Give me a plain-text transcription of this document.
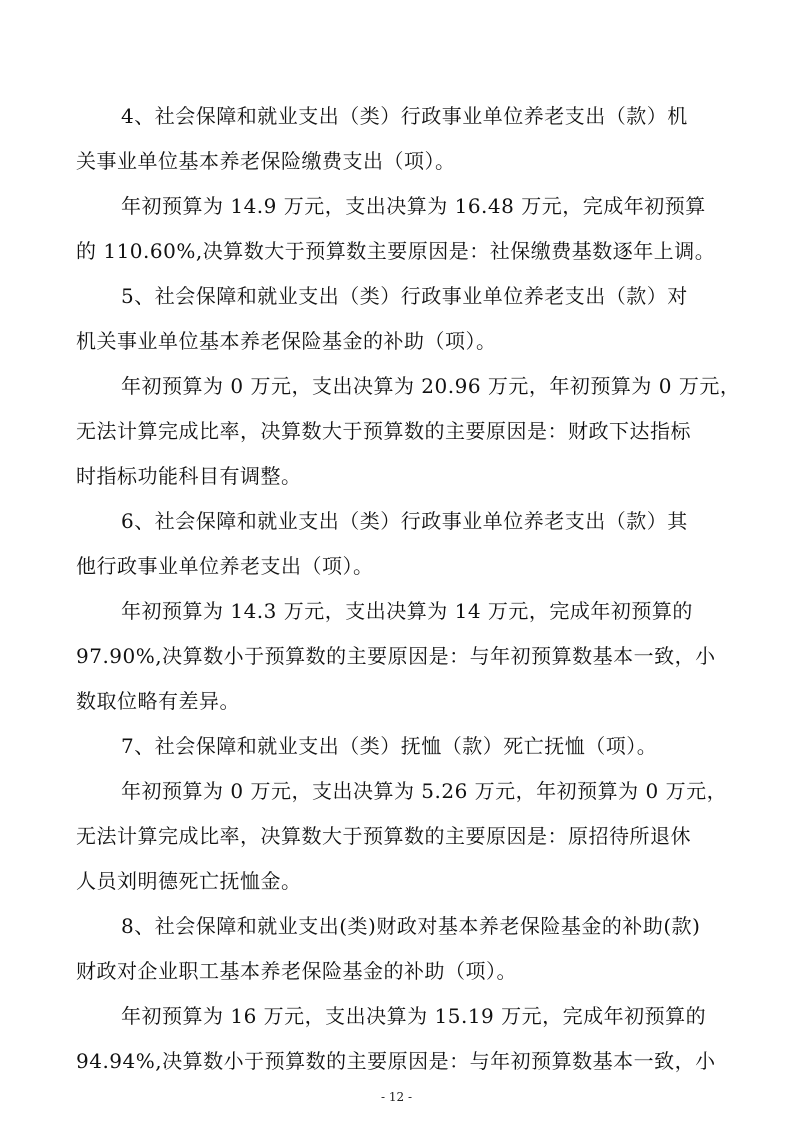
4、社会保障和就业支出（类）行政事业单位养老支出（款）机

关事业单位基本养老保险缴费支出（项）。

年初预算为 14.9 万元，支出决算为 16.48 万元，完成年初预算

的 110.60%,决算数大于预算数主要原因是：社保缴费基数逐年上调。

5、社会保障和就业支出（类）行政事业单位养老支出（款）对

机关事业单位基本养老保险基金的补助（项）。

年初预算为 0 万元，支出决算为 20.96 万元，年初预算为 0 万元，

无法计算完成比率，决算数大于预算数的主要原因是：财政下达指标

时指标功能科目有调整。

6、社会保障和就业支出（类）行政事业单位养老支出（款）其

他行政事业单位养老支出（项）。

年初预算为 14.3 万元，支出决算为 14 万元，完成年初预算的

97.90%,决算数小于预算数的主要原因是：与年初预算数基本一致，小

数取位略有差异。

7、社会保障和就业支出（类）抚恤（款）死亡抚恤（项）。

年初预算为 0 万元，支出决算为 5.26 万元，年初预算为 0 万元，

无法计算完成比率，决算数大于预算数的主要原因是：原招待所退休

人员刘明德死亡抚恤金。

8、社会保障和就业支出(类)财政对基本养老保险基金的补助(款)

财政对企业职工基本养老保险基金的补助（项）。

年初预算为 16 万元，支出决算为 15.19 万元，完成年初预算的

94.94%,决算数小于预算数的主要原因是：与年初预算数基本一致，小

- 12 -
